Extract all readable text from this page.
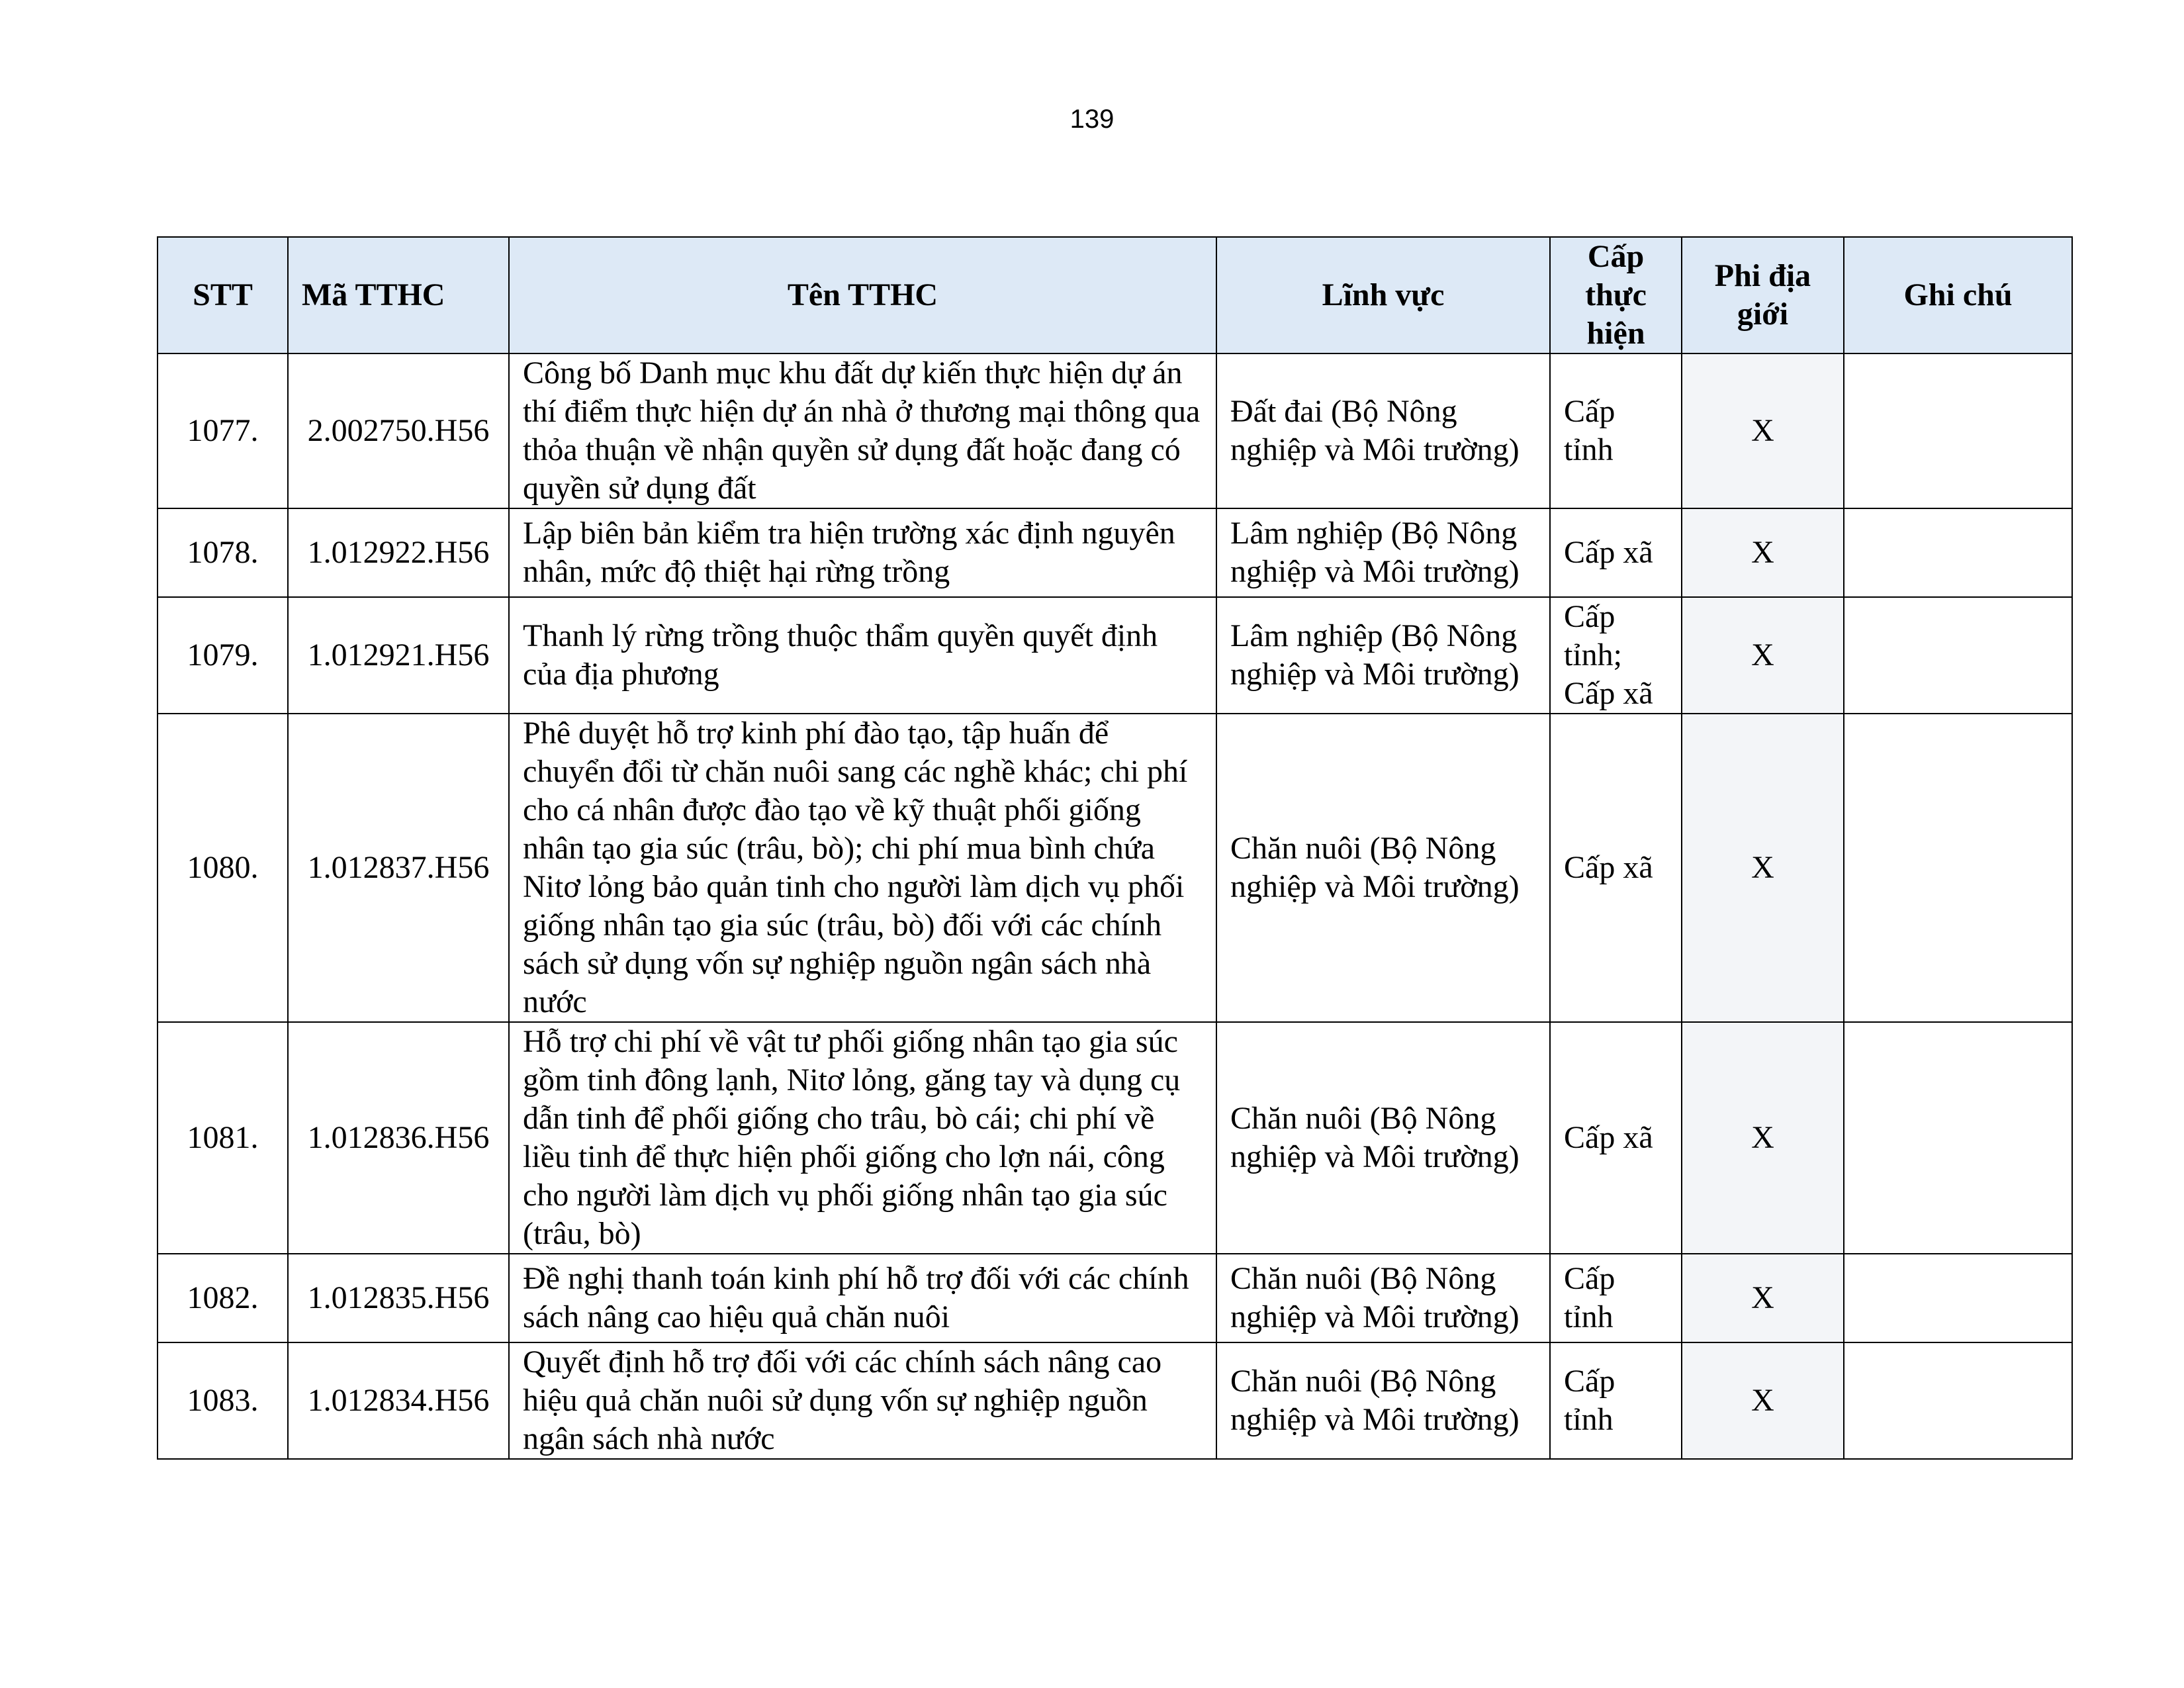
139
STT	Mã TTHC	Tên TTHC	Lĩnh vực	Cấp thực hiện	Phi địa giới	Ghi chú
1077.	2.002750.H56	Công bố Danh mục khu đất dự kiến thực hiện dự án thí điểm thực hiện dự án nhà ở thương mại thông qua thỏa thuận về nhận quyền sử dụng đất hoặc đang có quyền sử dụng đất	Đất đai (Bộ Nông nghiệp và Môi trường)	Cấp tỉnh	X	
1078.	1.012922.H56	Lập biên bản kiểm tra hiện trường xác định nguyên nhân, mức độ thiệt hại rừng trồng	Lâm nghiệp (Bộ Nông nghiệp và Môi trường)	Cấp xã	X	
1079.	1.012921.H56	Thanh lý rừng trồng thuộc thẩm quyền quyết định của địa phương	Lâm nghiệp (Bộ Nông nghiệp và Môi trường)	Cấp tỉnh; Cấp xã	X	
1080.	1.012837.H56	Phê duyệt hỗ trợ kinh phí đào tạo, tập huấn để chuyển đổi từ chăn nuôi sang các nghề khác; chi phí cho cá nhân được đào tạo về kỹ thuật phối giống nhân tạo gia súc (trâu, bò); chi phí mua bình chứa Nitơ lỏng bảo quản tinh cho người làm dịch vụ phối giống nhân tạo gia súc (trâu, bò) đối với các chính sách sử dụng vốn sự nghiệp nguồn ngân sách nhà nước	Chăn nuôi (Bộ Nông nghiệp và Môi trường)	Cấp xã	X	
1081.	1.012836.H56	Hỗ trợ chi phí về vật tư phối giống nhân tạo gia súc gồm tinh đông lạnh, Nitơ lỏng, găng tay và dụng cụ dẫn tinh để phối giống cho trâu, bò cái; chi phí về liều tinh để thực hiện phối giống cho lợn nái, công cho người làm dịch vụ phối giống nhân tạo gia súc (trâu, bò)	Chăn nuôi (Bộ Nông nghiệp và Môi trường)	Cấp xã	X	
1082.	1.012835.H56	Đề nghị thanh toán kinh phí hỗ trợ đối với các chính sách nâng cao hiệu quả chăn nuôi	Chăn nuôi (Bộ Nông nghiệp và Môi trường)	Cấp tỉnh	X	
1083.	1.012834.H56	Quyết định hỗ trợ đối với các chính sách nâng cao hiệu quả chăn nuôi sử dụng vốn sự nghiệp nguồn ngân sách nhà nước	Chăn nuôi (Bộ Nông nghiệp và Môi trường)	Cấp tỉnh	X	
